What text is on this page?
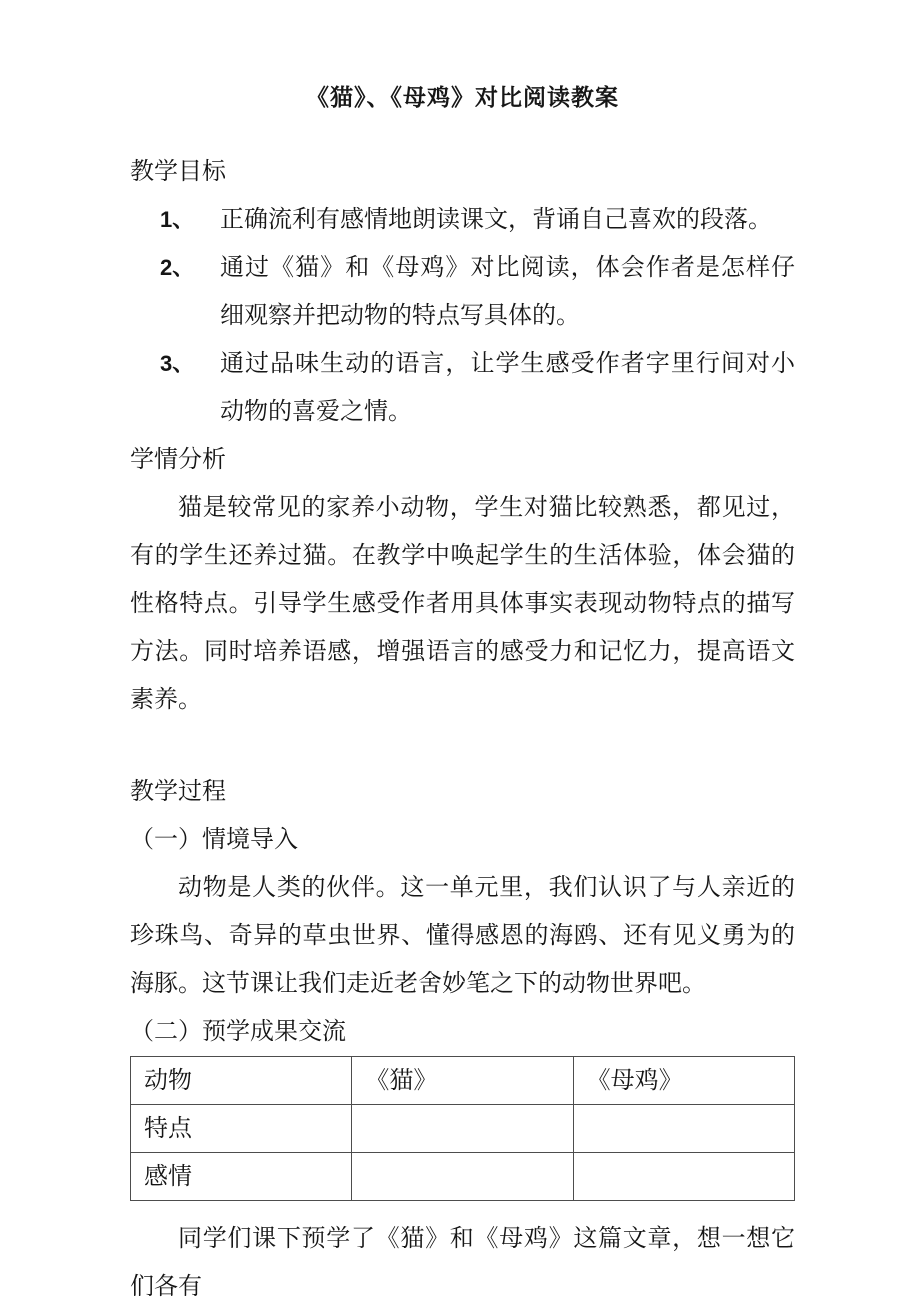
《猫》、《母鸡》对比阅读教案

教学目标

1、	正确流利有感情地朗读课文，背诵自己喜欢的段落。
2、	通过《猫》和《母鸡》对比阅读，体会作者是怎样仔细观察并把动物的特点写具体的。
3、	通过品味生动的语言，让学生感受作者字里行间对小动物的喜爱之情。

学情分析

猫是较常见的家养小动物，学生对猫比较熟悉，都见过，有的学生还养过猫。在教学中唤起学生的生活体验，体会猫的性格特点。引导学生感受作者用具体事实表现动物特点的描写方法。同时培养语感，增强语言的感受力和记忆力，提高语文素养。

教学过程

（一）情境导入

动物是人类的伙伴。这一单元里，我们认识了与人亲近的珍珠鸟、奇异的草虫世界、懂得感恩的海鸥、还有见义勇为的海豚。这节课让我们走近老舍妙笔之下的动物世界吧。

（二）预学成果交流

动物	《猫》	《母鸡》
特点		
感情		

同学们课下预学了《猫》和《母鸡》这篇文章，想一想它们各有
